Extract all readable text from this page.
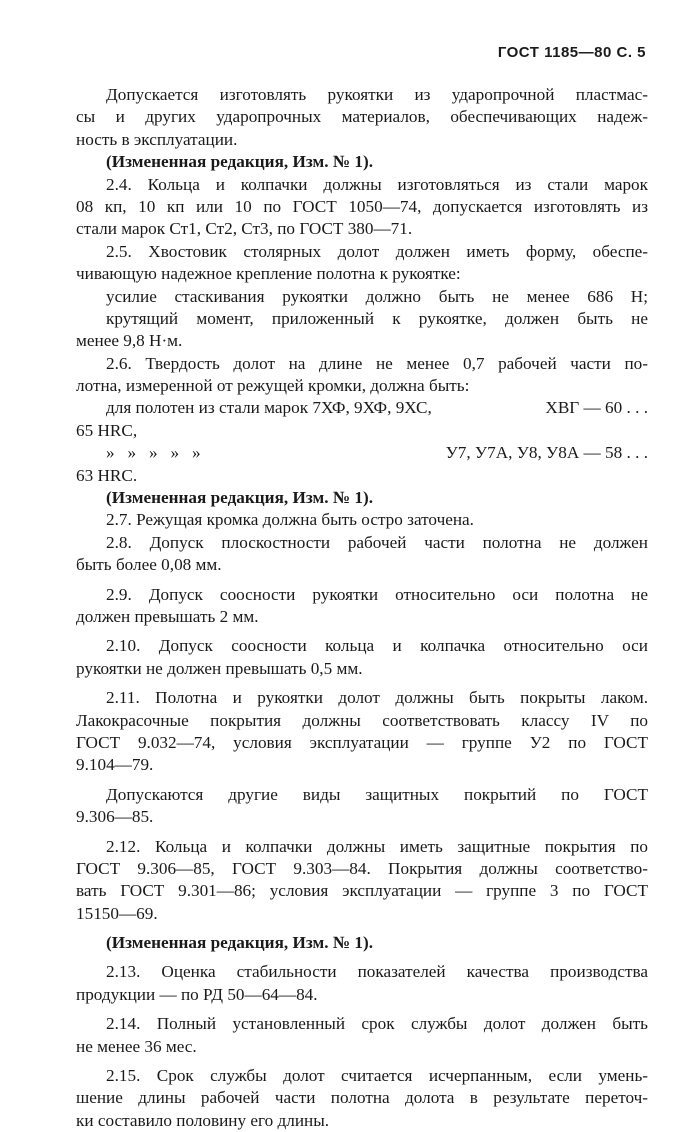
ГОСТ 1185—80 С. 5
Допускается изготовлять рукоятки из ударопрочной пластмас-
сы и других ударопрочных материалов, обеспечивающих надеж-
ность в эксплуатации.
(Измененная редакция, Изм. № 1).
2.4. Кольца и колпачки должны изготовляться из стали марок
08 кп, 10 кп или 10 по ГОСТ 1050—74, допускается изготовлять из
стали марок Ст1, Ст2, Ст3, по ГОСТ 380—71.
2.5. Хвостовик столярных долот должен иметь форму, обеспе-
чивающую надежное крепление полотна к рукоятке:
усилие стаскивания рукоятки должно быть не менее 686 Н;
крутящий момент, приложенный к рукоятке, должен быть не
менее 9,8 Н·м.
2.6. Твердость долот на длине не менее 0,7 рабочей части по-
лотна, измеренной от режущей кромки, должна быть:
для полотен из стали марок 7ХФ, 9ХФ, 9ХС,	ХВГ — 60 . . .
65 HRC,
»   »   »   »   »	У7, У7А, У8, У8А — 58 . . .
63 HRC.
(Измененная редакция, Изм. № 1).
2.7. Режущая кромка должна быть остро заточена.
2.8. Допуск плоскостности рабочей части полотна не должен
быть более 0,08 мм.
2.9. Допуск соосности рукоятки относительно оси полотна не
должен превышать 2 мм.
2.10. Допуск соосности кольца и колпачка относительно оси
рукоятки не должен превышать 0,5 мм.
2.11. Полотна и рукоятки долот должны быть покрыты лаком.
Лакокрасочные покрытия должны соответствовать классу IV по
ГОСТ 9.032—74, условия эксплуатации — группе У2 по ГОСТ
9.104—79.
Допускаются другие виды защитных покрытий по ГОСТ
9.306—85.
2.12. Кольца и колпачки должны иметь защитные покрытия по
ГОСТ 9.306—85, ГОСТ 9.303—84. Покрытия должны соответство-
вать ГОСТ 9.301—86; условия эксплуатации — группе 3 по ГОСТ
15150—69.
(Измененная редакция, Изм. № 1).
2.13. Оценка стабильности показателей качества производства
продукции — по РД 50—64—84.
2.14. Полный установленный срок службы долот должен быть
не менее 36 мес.
2.15. Срок службы долот считается исчерпанным, если умень-
шение длины рабочей части полотна долота в результате переточ-
ки составило половину его длины.
